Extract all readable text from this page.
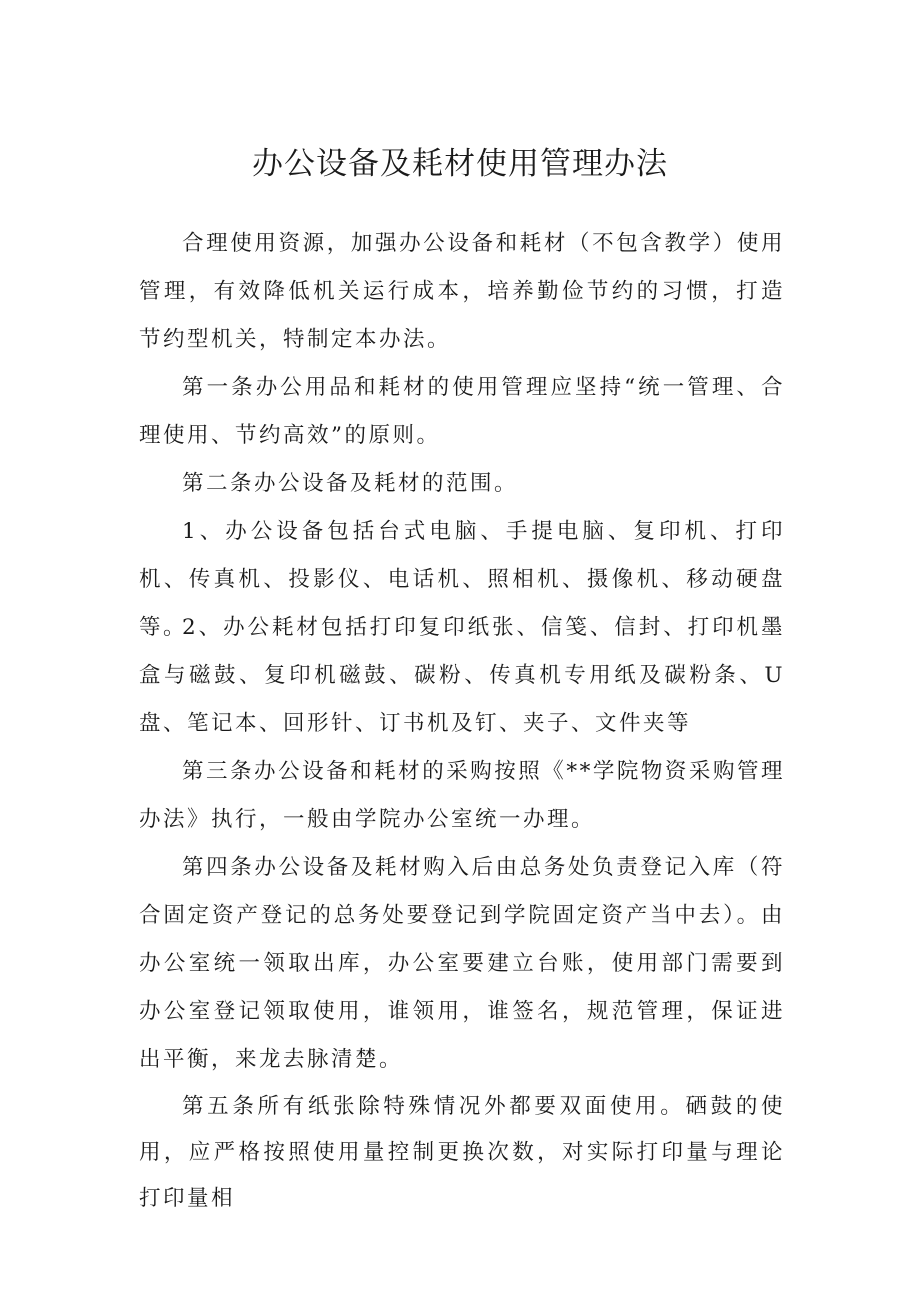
办公设备及耗材使用管理办法

合理使用资源，加强办公设备和耗材（不包含教学）使用管理，有效降低机关运行成本，培养勤俭节约的习惯，打造节约型机关，特制定本办法。

第一条办公用品和耗材的使用管理应坚持“统一管理、合理使用、节约高效”的原则。

第二条办公设备及耗材的范围。

1、办公设备包括台式电脑、手提电脑、复印机、打印机、传真机、投影仪、电话机、照相机、摄像机、移动硬盘等。

2、办公耗材包括打印复印纸张、信笺、信封、打印机墨盒与磁鼓、复印机磁鼓、碳粉、传真机专用纸及碳粉条、U盘、笔记本、回形针、订书机及钉、夹子、文件夹等

第三条办公设备和耗材的采购按照《**学院物资采购管理办法》执行，一般由学院办公室统一办理。

第四条办公设备及耗材购入后由总务处负责登记入库（符合固定资产登记的总务处要登记到学院固定资产当中去）。由办公室统一领取出库，办公室要建立台账，使用部门需要到办公室登记领取使用，谁领用，谁签名，规范管理，保证进出平衡，来龙去脉清楚。

第五条所有纸张除特殊情况外都要双面使用。硒鼓的使用，应严格按照使用量控制更换次数，对实际打印量与理论打印量相
